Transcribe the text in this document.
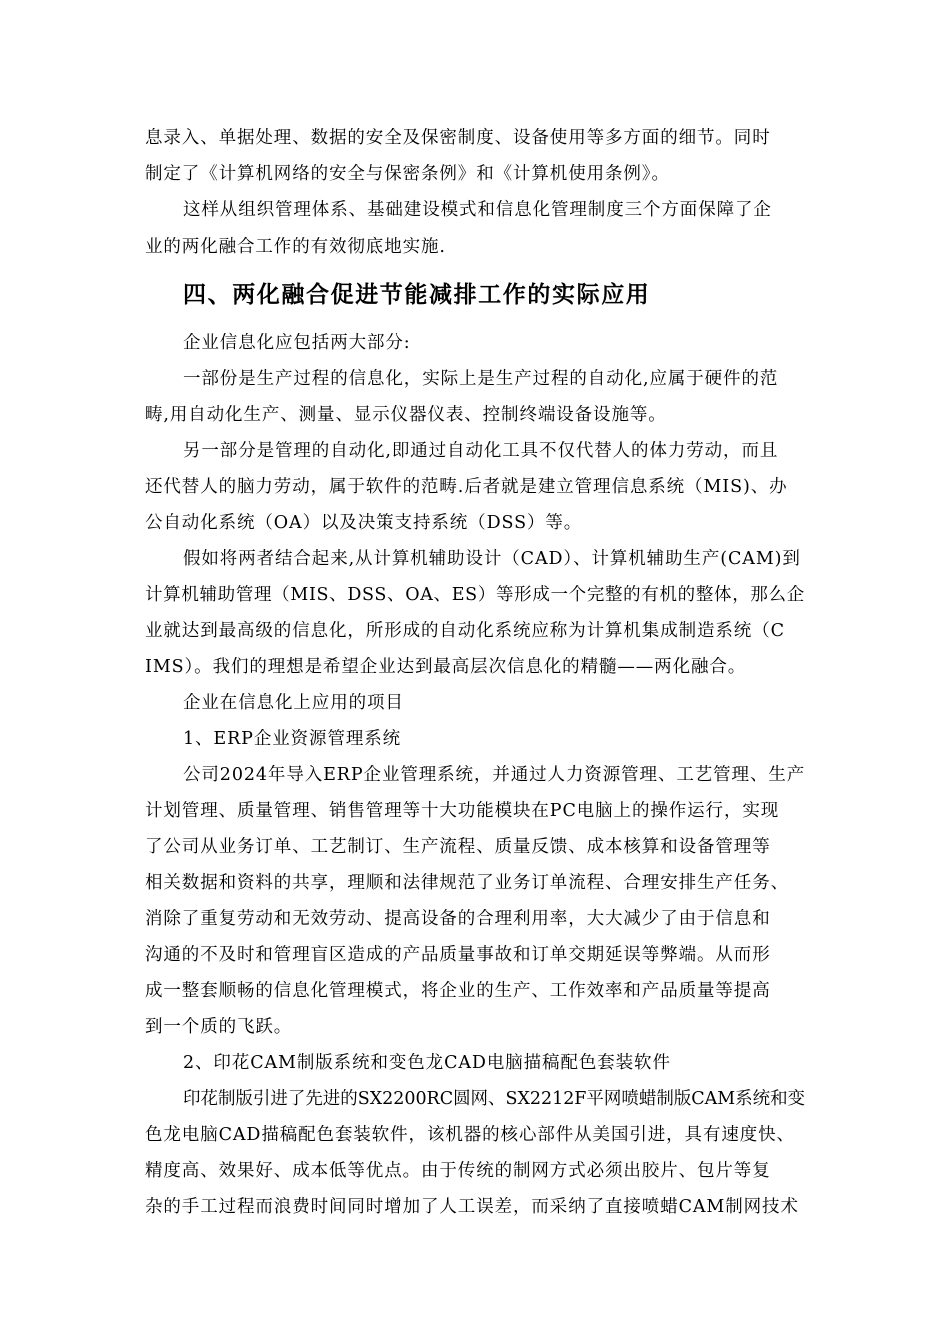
息录入、单据处理、数据的安全及保密制度、设备使用等多方面的细节。同时
制定了《计算机网络的安全与保密条例》和《计算机使用条例》。
这样从组织管理体系、基础建设模式和信息化管理制度三个方面保障了企
业的两化融合工作的有效彻底地实施.
四、两化融合促进节能减排工作的实际应用
企业信息化应包括两大部分:
一部份是生产过程的信息化，实际上是生产过程的自动化,应属于硬件的范
畴,用自动化生产、测量、显示仪器仪表、控制终端设备设施等。
另一部分是管理的自动化,即通过自动化工具不仅代替人的体力劳动，而且
还代替人的脑力劳动，属于软件的范畴.后者就是建立管理信息系统（MIS)、办
公自动化系统（OA）以及决策支持系统（DSS）等。
假如将两者结合起来,从计算机辅助设计（CAD）、计算机辅助生产(CAM)到
计算机辅助管理（MIS、DSS、OA、ES）等形成一个完整的有机的整体，那么企
业就达到最高级的信息化，所形成的自动化系统应称为计算机集成制造系统（C
IMS）。我们的理想是希望企业达到最高层次信息化的精髓——两化融合。
企业在信息化上应用的项目
1、ERP企业资源管理系统
公司2024年导入ERP企业管理系统，并通过人力资源管理、工艺管理、生产
计划管理、质量管理、销售管理等十大功能模块在PC电脑上的操作运行，实现
了公司从业务订单、工艺制订、生产流程、质量反馈、成本核算和设备管理等
相关数据和资料的共享，理顺和法律规范了业务订单流程、合理安排生产任务、
消除了重复劳动和无效劳动、提高设备的合理利用率，大大减少了由于信息和
沟通的不及时和管理盲区造成的产品质量事故和订单交期延误等弊端。从而形
成一整套顺畅的信息化管理模式，将企业的生产、工作效率和产品质量等提高
到一个质的飞跃。
2、印花CAM制版系统和变色龙CAD电脑描稿配色套装软件
印花制版引进了先进的SX2200RC圆网、SX2212F平网喷蜡制版CAM系统和变
色龙电脑CAD描稿配色套装软件，该机器的核心部件从美国引进，具有速度快、
精度高、效果好、成本低等优点。由于传统的制网方式必须出胶片、包片等复
杂的手工过程而浪费时间同时增加了人工误差，而采纳了直接喷蜡CAM制网技术
